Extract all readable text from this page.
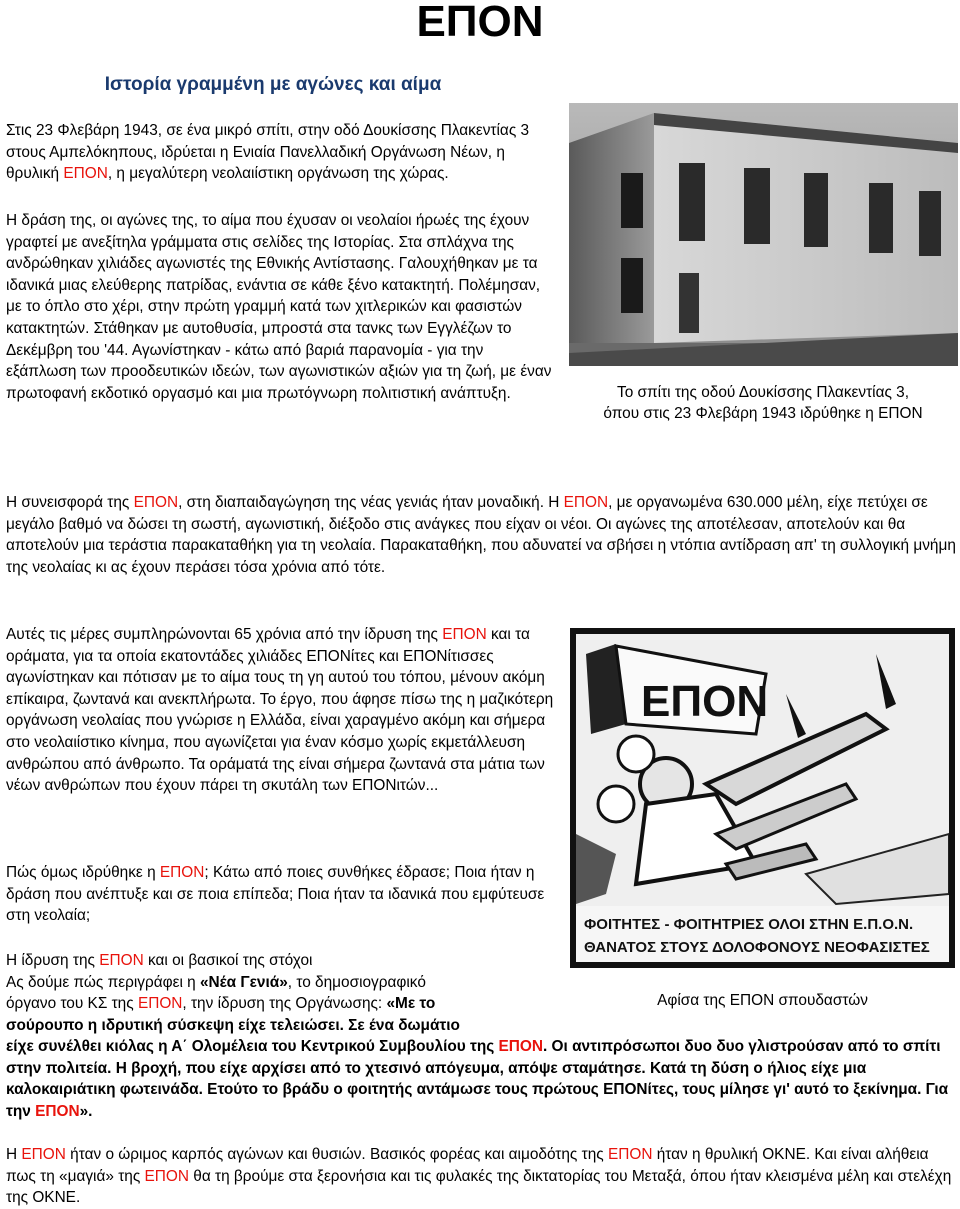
ΕΠΟΝ
Ιστορία γραμμένη με αγώνες και αίμα
Στις 23 Φλεβάρη 1943, σε ένα μικρό σπίτι, στην οδό Δουκίσσης Πλακεντίας 3 στους Αμπελόκηπους, ιδρύεται η Ενιαία Πανελλαδική Οργάνωση Νέων, η θρυλική ΕΠΟΝ, η μεγαλύτερη νεολαιίστικη οργάνωση της χώρας.
Η δράση της, οι αγώνες της, το αίμα που έχυσαν οι νεολαίοι ήρωές της έχουν γραφτεί με ανεξίτηλα γράμματα στις σελίδες της Ιστορίας. Στα σπλάχνα της ανδρώθηκαν χιλιάδες αγωνιστές της Εθνικής Αντίστασης. Γαλουχήθηκαν με τα ιδανικά μιας ελεύθερης πατρίδας, ενάντια σε κάθε ξένο κατακτητή. Πολέμησαν, με το όπλο στο χέρι, στην πρώτη γραμμή κατά των χιτλερικών και φασιστών κατακτητών. Στάθηκαν με αυτοθυσία, μπροστά στα τανκς των Εγγλέζων το Δεκέμβρη του '44. Αγωνίστηκαν - κάτω από βαριά παρανομία - για την εξάπλωση των προοδευτικών ιδεών, των αγωνιστικών αξιών για τη ζωή, με έναν πρωτοφανή εκδοτικό οργασμό και μια πρωτόγνωρη πολιτιστική ανάπτυξη.	Το σπίτι της οδού Δουκίσσης Πλακεντίας 3,
όπου στις 23 Φλεβάρη 1943 ιδρύθηκε η ΕΠΟΝ
Η συνεισφορά της ΕΠΟΝ, στη διαπαιδαγώγηση της νέας γενιάς ήταν μοναδική. Η ΕΠΟΝ, με οργανωμένα 630.000 μέλη, είχε πετύχει σε μεγάλο βαθμό να δώσει τη σωστή, αγωνιστική, διέξοδο στις ανάγκες που είχαν οι νέοι. Οι αγώνες της αποτέλεσαν, αποτελούν και θα αποτελούν μια τεράστια παρακαταθήκη για τη νεολαία. Παρακαταθήκη, που αδυνατεί να σβήσει η ντόπια αντίδραση απ' τη συλλογική μνήμη της νεολαίας κι ας έχουν περάσει τόσα χρόνια από τότε.
Αυτές τις μέρες συμπληρώνονται 65 χρόνια από την ίδρυση της ΕΠΟΝ και τα οράματα, για τα οποία εκατοντάδες χιλιάδες ΕΠΟΝίτες και ΕΠΟΝίτισσες αγωνίστηκαν και πότισαν με το αίμα τους τη γη αυτού του τόπου, μένουν ακόμη επίκαιρα, ζωντανά και ανεκπλήρωτα. Το έργο, που άφησε πίσω της η μαζικότερη οργάνωση νεολαίας που γνώρισε η Ελλάδα, είναι χαραγμένο ακόμη και σήμερα στο νεολαιίστικο κίνημα, που αγωνίζεται για έναν κόσμο χωρίς εκμετάλλευση ανθρώπου από άνθρωπο. Τα οράματά της είναι σήμερα ζωντανά στα μάτια των νέων ανθρώπων που έχουν πάρει τη σκυτάλη των ΕΠΟΝιτών...
Πώς όμως ιδρύθηκε η ΕΠΟΝ; Κάτω από ποιες συνθήκες έδρασε; Ποια ήταν η δράση που ανέπτυξε και σε ποια επίπεδα; Ποια ήταν τα ιδανικά που εμφύτευσε στη νεολαία;
Η ίδρυση της ΕΠΟΝ και οι βασικοί της στόχοι
Ας δούμε πώς περιγράφει η «Νέα Γενιά», το δημοσιογραφικό
όργανο του ΚΣ της ΕΠΟΝ, την ίδρυση της Οργάνωσης: «Με το
σούρουπο η ιδρυτική σύσκεψη είχε τελειώσει. Σε ένα δωμάτιο
είχε συνέλθει κιόλας η Α΄ Ολομέλεια του Κεντρικού Συμβουλίου της ΕΠΟΝ. Οι αντιπρόσωποι δυο δυο γλιστρούσαν από το σπίτι στην πολιτεία. Η βροχή, που είχε αρχίσει από το χτεσινό απόγευμα, απόψε σταμάτησε. Κατά τη δύση ο ήλιος είχε μια καλοκαιριάτικη φωτεινάδα. Ετούτο το βράδυ ο φοιτητής αντάμωσε τους πρώτους ΕΠΟΝίτες, τους μίλησε γι' αυτό το ξεκίνημα. Για την ΕΠΟΝ».
ΕΠΟΝ
ΦΟΙΤΗΤΕΣ - ΦΟΙΤΗΤΡΙΕΣ ΟΛΟΙ ΣΤΗΝ Ε.Π.Ο.Ν.
ΘΑΝΑΤΟΣ ΣΤΟΥΣ ΔΟΛΟΦΟΝΟΥΣ ΝΕΟΦΑΣΙΣΤΕΣ
Αφίσα της ΕΠΟΝ σπουδαστών
Η ΕΠΟΝ ήταν ο ώριμος καρπός αγώνων και θυσιών. Βασικός φορέας και αιμοδότης της ΕΠΟΝ ήταν η θρυλική ΟΚΝΕ. Και είναι αλήθεια πως τη «μαγιά» της ΕΠΟΝ θα τη βρούμε στα ξερονήσια και τις φυλακές της δικτατορίας του Μεταξά, όπου ήταν κλεισμένα μέλη και στελέχη της ΟΚΝΕ.
